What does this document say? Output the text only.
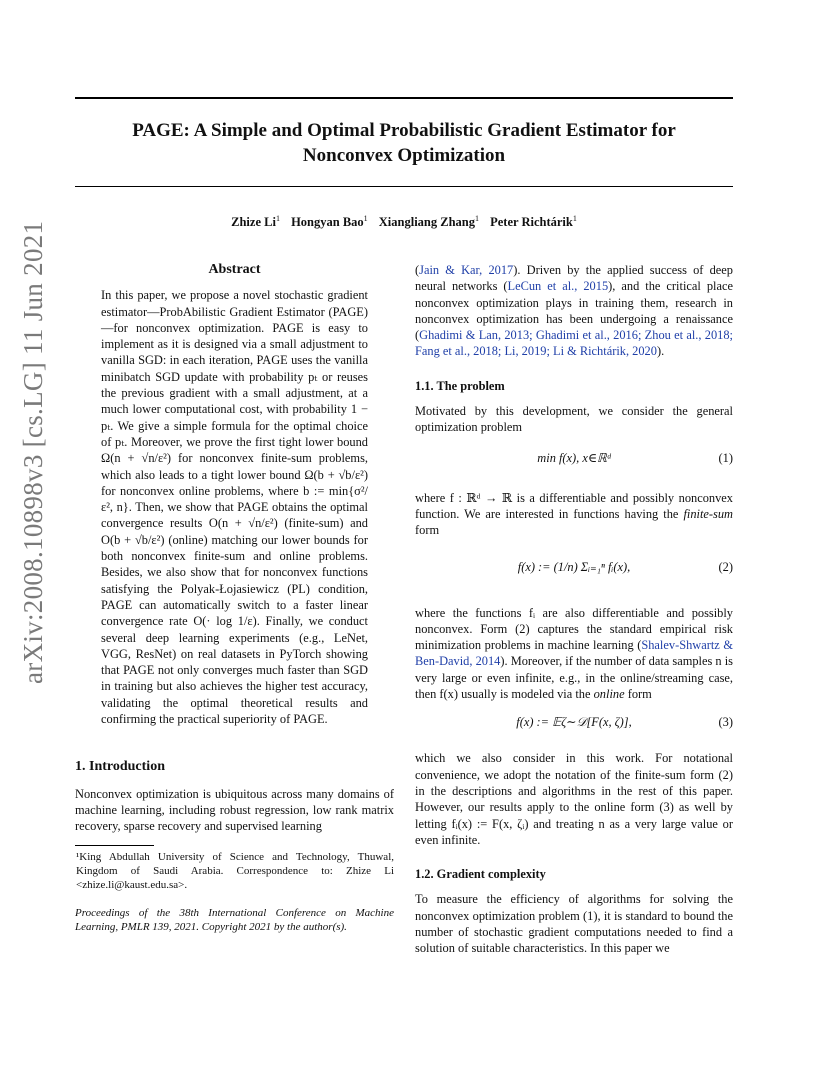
arXiv:2008.10898v3 [cs.LG] 11 Jun 2021
PAGE: A Simple and Optimal Probabilistic Gradient Estimator for
Nonconvex Optimization
Zhize Li$^1$ Hongyan Bao$^1$ Xiangliang Zhang$^1$ Peter Richtárik$^1$
Abstract

In this paper, we propose a novel stochastic gradient estimator—ProbAbilistic Gradient Estimator (PAGE)—for nonconvex optimization. PAGE is easy to implement as it is designed via a small adjustment to vanilla SGD: in each iteration, PAGE uses the vanilla minibatch SGD update with probability pₜ or reuses the previous gradient with a small adjustment, at a much lower computational cost, with probability 1 − pₜ. We give a simple formula for the optimal choice of pₜ. Moreover, we prove the first tight lower bound Ω(n + √n/ε²) for nonconvex finite-sum problems, which also leads to a tight lower bound Ω(b + √b/ε²) for nonconvex online problems, where b := min{σ²/ε², n}. Then, we show that PAGE obtains the optimal convergence results O(n + √n/ε²) (finite-sum) and O(b + √b/ε²) (online) matching our lower bounds for both nonconvex finite-sum and online problems. Besides, we also show that for nonconvex functions satisfying the Polyak-Łojasiewicz (PL) condition, PAGE can automatically switch to a faster linear convergence rate O(· log 1/ε). Finally, we conduct several deep learning experiments (e.g., LeNet, VGG, ResNet) on real datasets in PyTorch showing that PAGE not only converges much faster than SGD in training but also achieves the higher test accuracy, validating the optimal theoretical results and confirming the practical superiority of PAGE.

1. Introduction

Nonconvex optimization is ubiquitous across many domains of machine learning, including robust regression, low rank matrix recovery, sparse recovery and supervised learning

¹King Abdullah University of Science and Technology, Thuwal, Kingdom of Saudi Arabia. Correspondence to: Zhize Li <zhize.li@kaust.edu.sa>.

Proceedings of the 38th International Conference on Machine Learning, PMLR 139, 2021. Copyright 2021 by the author(s).

(Jain & Kar, 2017). Driven by the applied success of deep neural networks (LeCun et al., 2015), and the critical place nonconvex optimization plays in training them, research in nonconvex optimization has been undergoing a renaissance (Ghadimi & Lan, 2013; Ghadimi et al., 2016; Zhou et al., 2018; Fang et al., 2018; Li, 2019; Li & Richtárik, 2020).

1.1. The problem

Motivated by this development, we consider the general optimization problem

min f(x), x∈ℝᵈ	(1)

where f : ℝᵈ → ℝ is a differentiable and possibly nonconvex function. We are interested in functions having the finite-sum form

f(x) := (1/n) Σᵢ₌₁ⁿ fᵢ(x),	(2)

where the functions fᵢ are also differentiable and possibly nonconvex. Form (2) captures the standard empirical risk minimization problems in machine learning (Shalev-Shwartz & Ben-David, 2014). Moreover, if the number of data samples n is very large or even infinite, e.g., in the online/streaming case, then f(x) usually is modeled via the online form

f(x) := 𝔼ζ∼𝒟[F(x, ζ)],	(3)

which we also consider in this work. For notational convenience, we adopt the notation of the finite-sum form (2) in the descriptions and algorithms in the rest of this paper. However, our results apply to the online form (3) as well by letting fᵢ(x) := F(x, ζᵢ) and treating n as a very large value or even infinite.

1.2. Gradient complexity

To measure the efficiency of algorithms for solving the nonconvex optimization problem (1), it is standard to bound the number of stochastic gradient computations needed to find a solution of suitable characteristics. In this paper we
